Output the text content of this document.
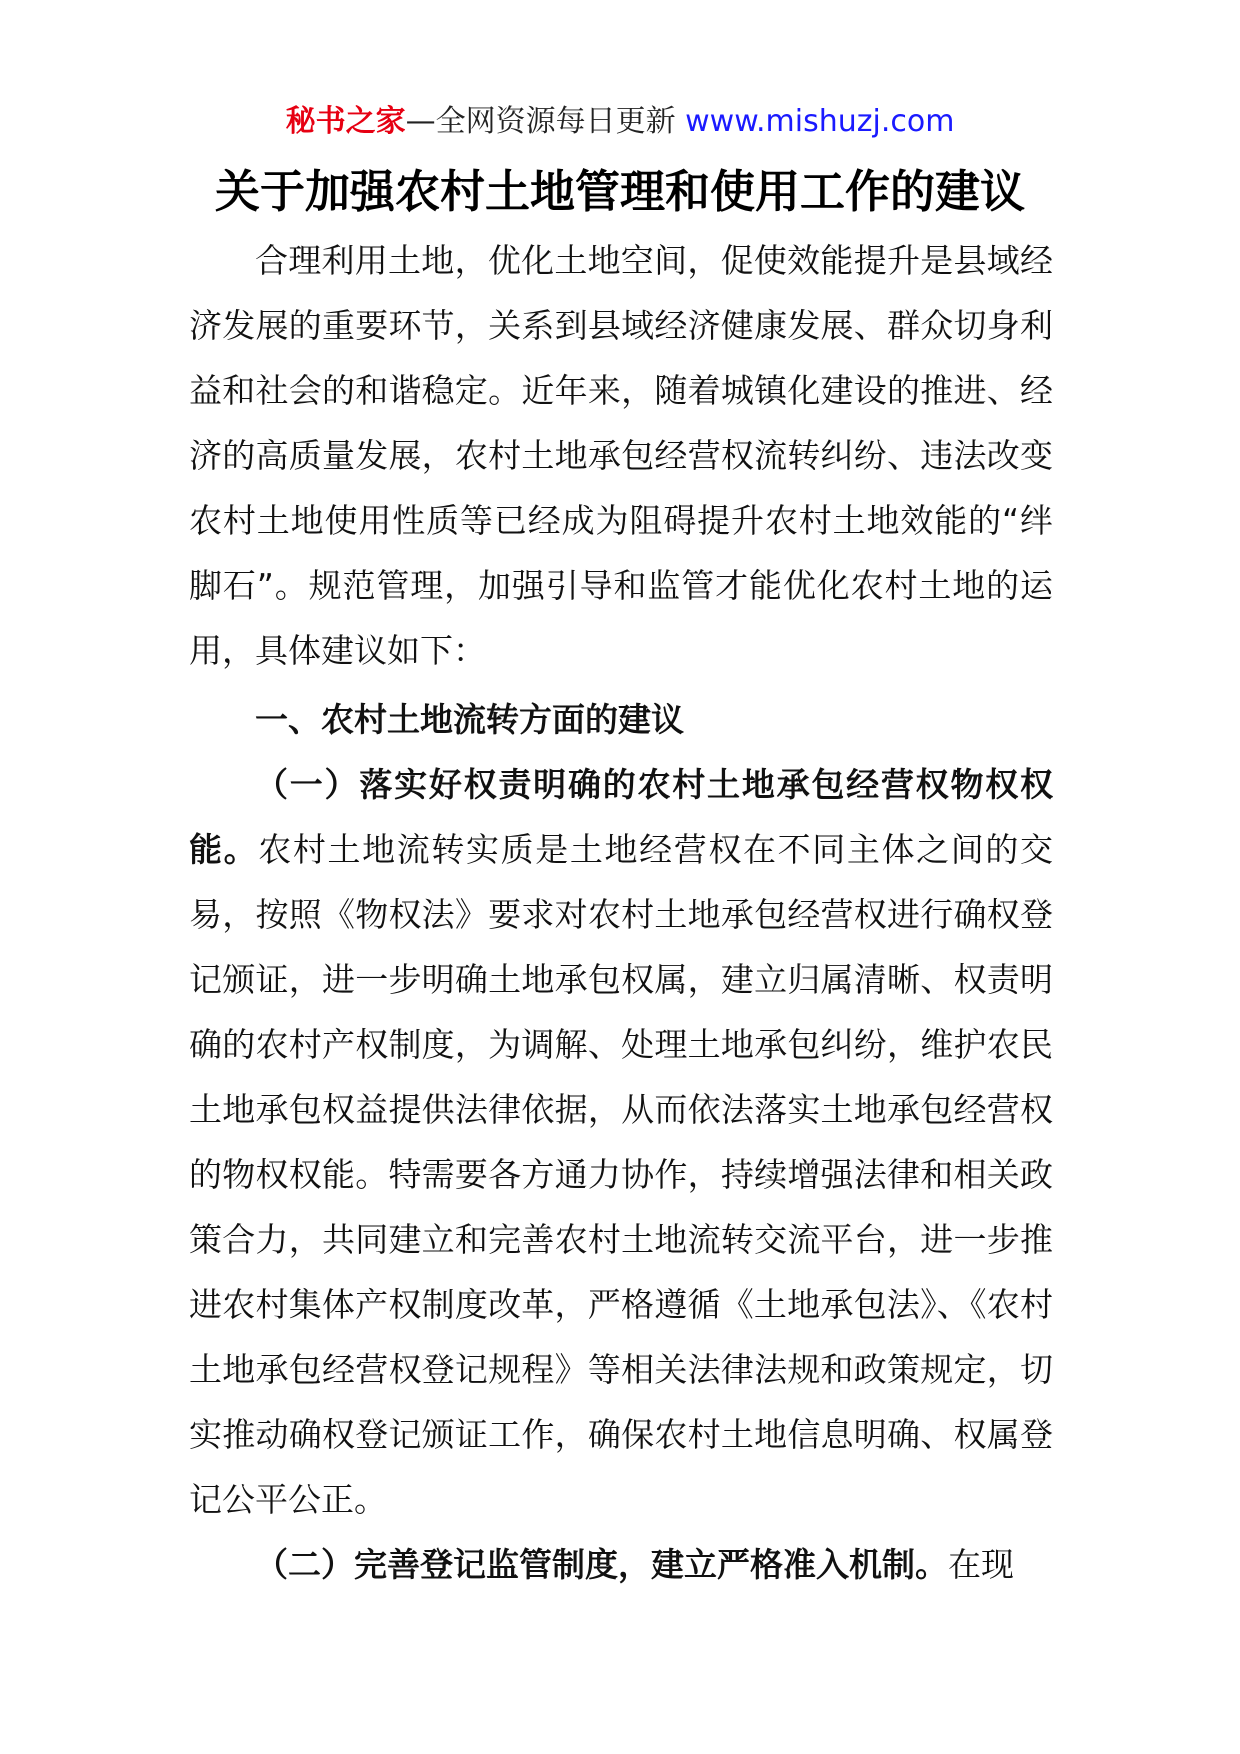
秘书之家—全网资源每日更新 www.mishuzj.com
关于加强农村土地管理和使用工作的建议

合理利用土地，优化土地空间，促使效能提升是县域经济发展的重要环节，关系到县域经济健康发展、群众切身利益和社会的和谐稳定。近年来，随着城镇化建设的推进、经济的高质量发展，农村土地承包经营权流转纠纷、违法改变农村土地使用性质等已经成为阻碍提升农村土地效能的“绊脚石”。规范管理，加强引导和监管才能优化农村土地的运用，具体建议如下：

一、农村土地流转方面的建议

（一）落实好权责明确的农村土地承包经营权物权权能。农村土地流转实质是土地经营权在不同主体之间的交易，按照《物权法》要求对农村土地承包经营权进行确权登记颁证，进一步明确土地承包权属，建立归属清晰、权责明确的农村产权制度，为调解、处理土地承包纠纷，维护农民土地承包权益提供法律依据，从而依法落实土地承包经营权的物权权能。特需要各方通力协作，持续增强法律和相关政策合力，共同建立和完善农村土地流转交流平台，进一步推进农村集体产权制度改革，严格遵循《土地承包法》、《农村土地承包经营权登记规程》等相关法律法规和政策规定，切实推动确权登记颁证工作，确保农村土地信息明确、权属登记公平公正。

（二）完善登记监管制度，建立严格准入机制。在现
